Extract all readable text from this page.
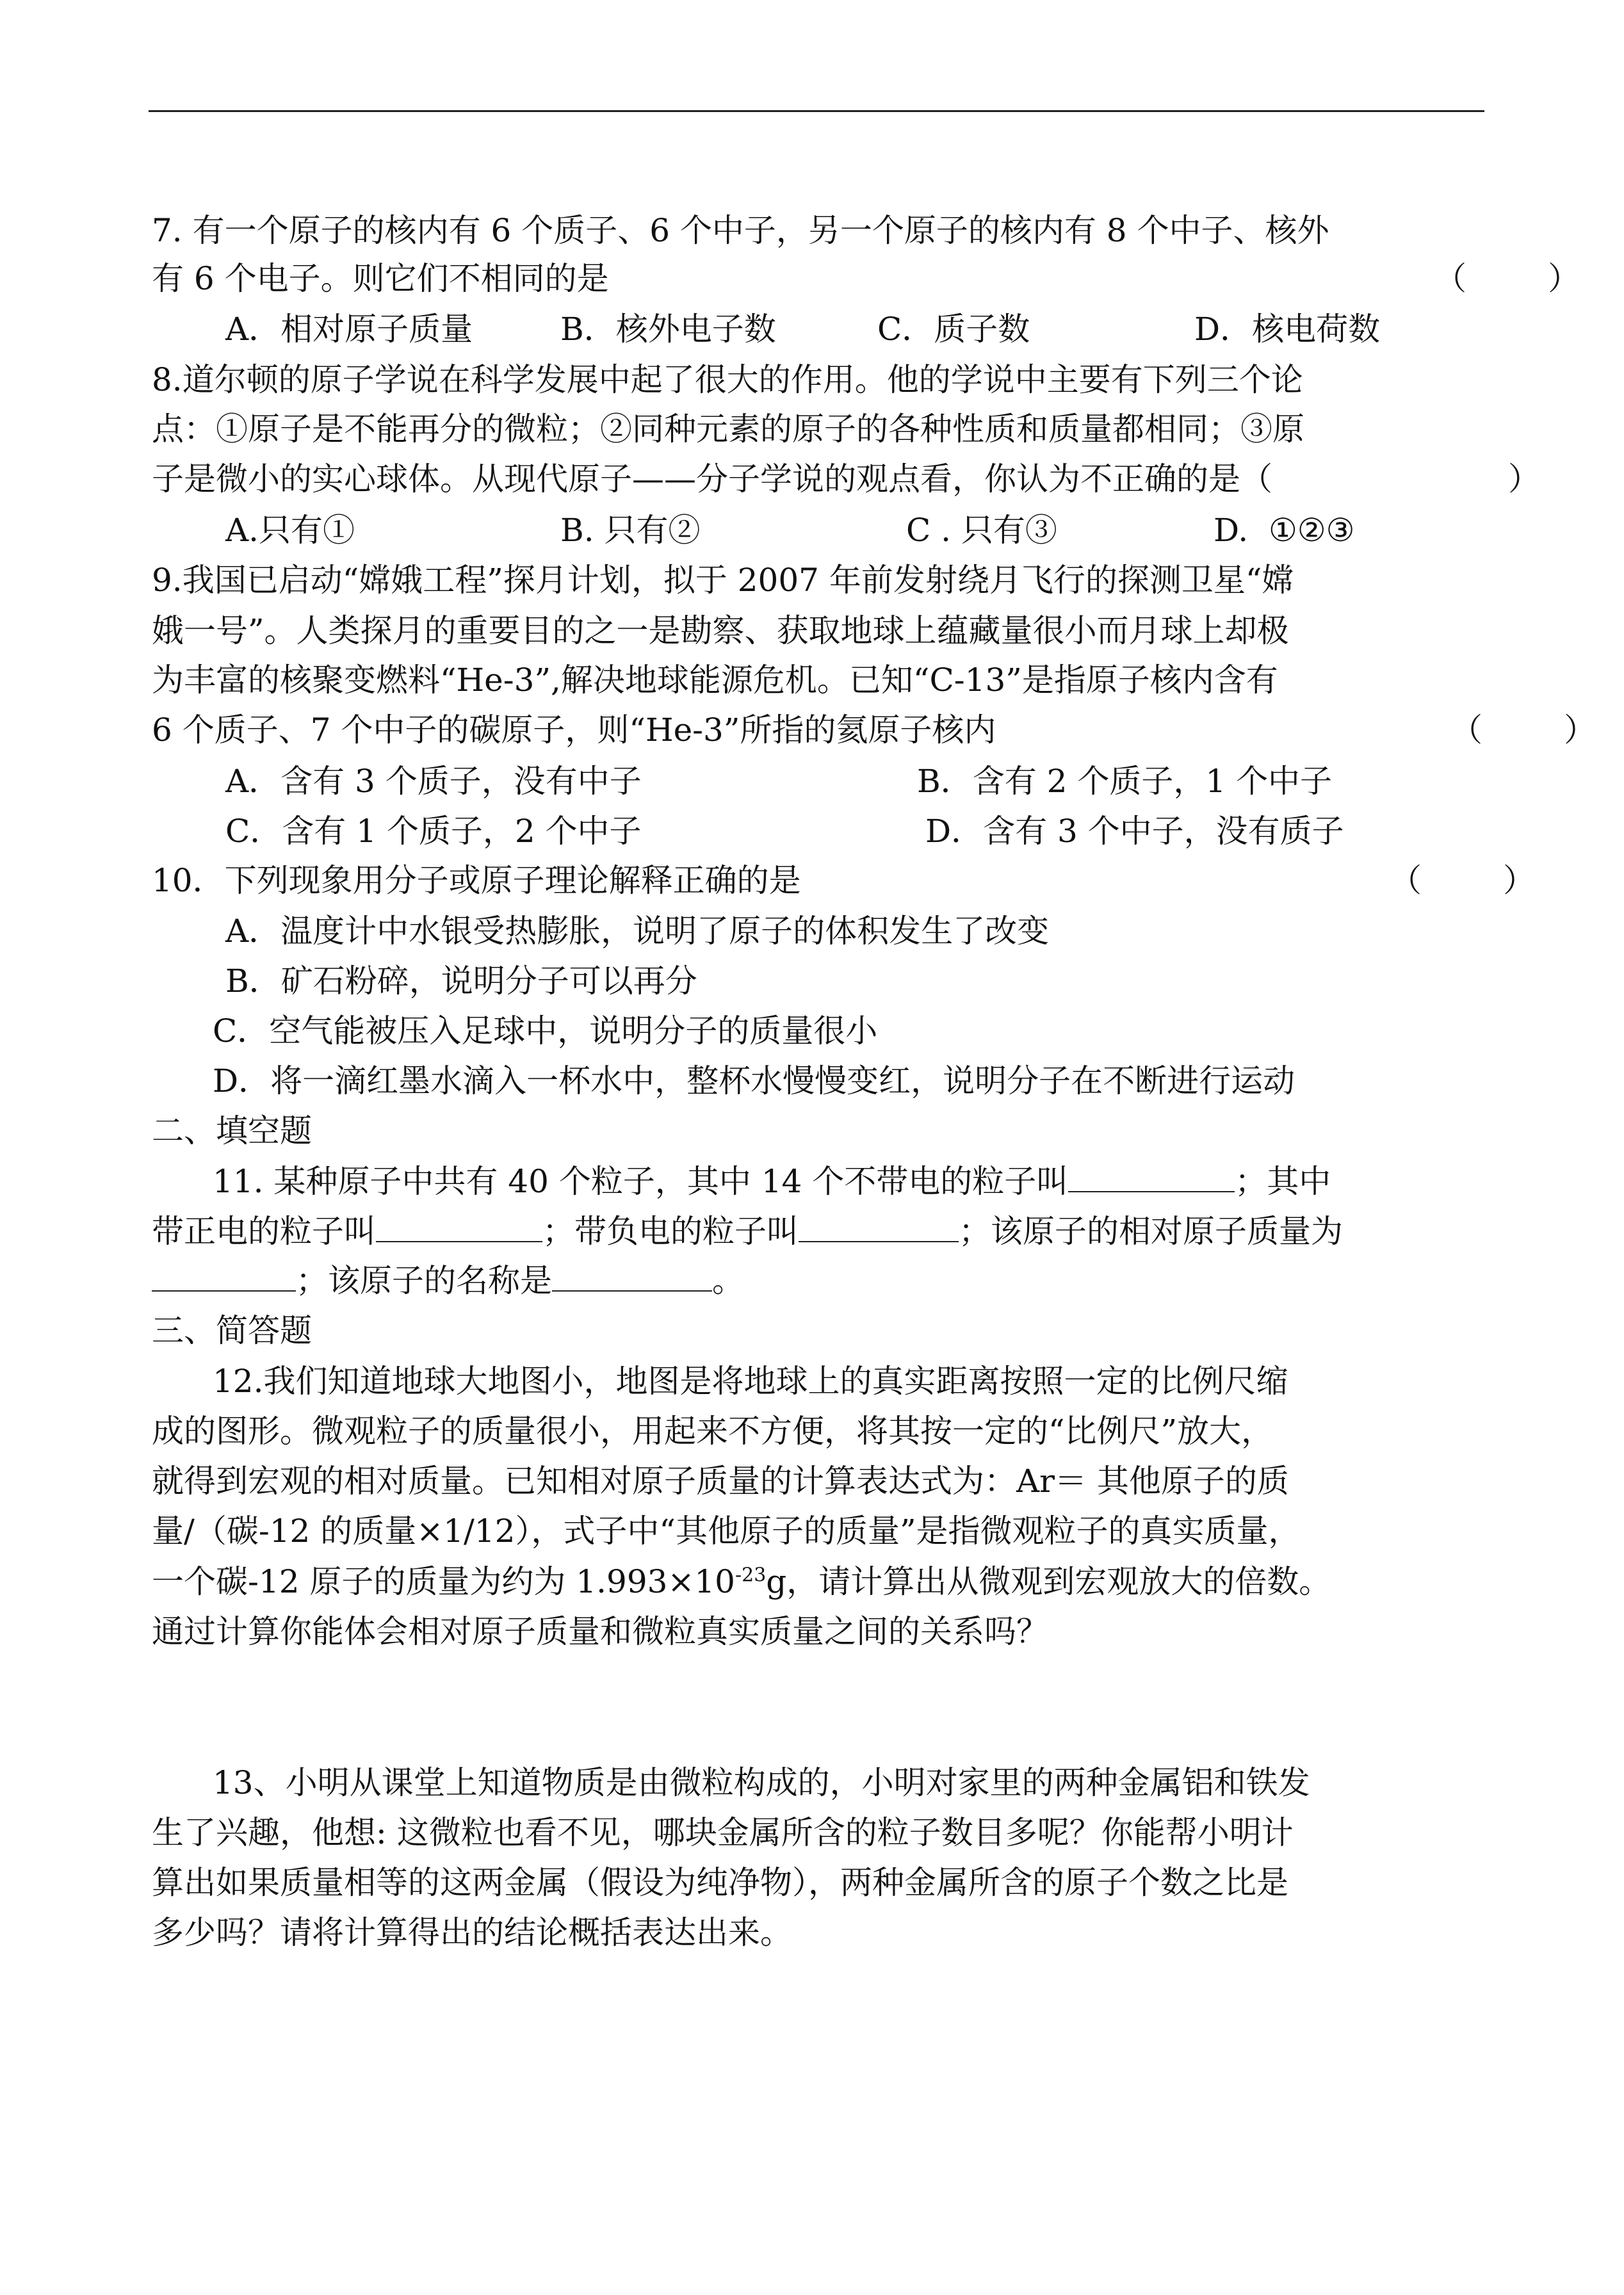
7. 有一个原子的核内有 6 个质子、6 个中子，另一个原子的核内有 8 个中子、核外
有 6 个电子。则它们不相同的是	（        ）
A．相对原子质量	B．核外电子数	C．质子数	D．核电荷数
8.道尔顿的原子学说在科学发展中起了很大的作用。他的学说中主要有下列三个论
点：①原子是不能再分的微粒；②同种元素的原子的各种性质和质量都相同；③原
子是微小的实心球体。从现代原子——分子学说的观点看，你认为不正确的是（	）
A.只有①	B. 只有②	C . 只有③	D.  ①②③
9.我国已启动“嫦娥工程”探月计划，拟于 2007 年前发射绕月飞行的探测卫星“嫦
娥一号”。人类探月的重要目的之一是勘察、获取地球上蕴藏量很小而月球上却极
为丰富的核聚变燃料“He-3”,解决地球能源危机。已知“C-13”是指原子核内含有
6 个质子、7 个中子的碳原子，则“He-3”所指的氦原子核内	（        ）
A．含有 3 个质子，没有中子	B．含有 2 个质子，1 个中子
C．含有 1 个质子，2 个中子	D．含有 3 个中子，没有质子
10．下列现象用分子或原子理论解释正确的是	（        ）
A．温度计中水银受热膨胀，说明了原子的体积发生了改变
B．矿石粉碎，说明分子可以再分
C．空气能被压入足球中，说明分子的质量很小
D．将一滴红墨水滴入一杯水中，整杯水慢慢变红，说明分子在不断进行运动
二、填空题
11. 某种原子中共有 40 个粒子，其中 14 个不带电的粒子叫	；其中
带正电的粒子叫	；带负电的粒子叫	；该原子的相对原子质量为
；该原子的名称是	。
三、简答题
12.我们知道地球大地图小，地图是将地球上的真实距离按照一定的比例尺缩
成的图形。微观粒子的质量很小，用起来不方便，将其按一定的“比例尺”放大，
就得到宏观的相对质量。已知相对原子质量的计算表达式为：Ar＝ 其他原子的质
量/（碳-12 的质量×1/12），式子中“其他原子的质量”是指微观粒子的真实质量，
一个碳-12 原子的质量为约为 $1.993\times 10^{-23}g$，请计算出从微观到宏观放大的倍数。
通过计算你能体会相对原子质量和微粒真实质量之间的关系吗？
13、小明从课堂上知道物质是由微粒构成的，小明对家里的两种金属铝和铁发
生了兴趣，他想: 这微粒也看不见，哪块金属所含的粒子数目多呢？你能帮小明计
算出如果质量相等的这两金属（假设为纯净物），两种金属所含的原子个数之比是
多少吗？请将计算得出的结论概括表达出来。
